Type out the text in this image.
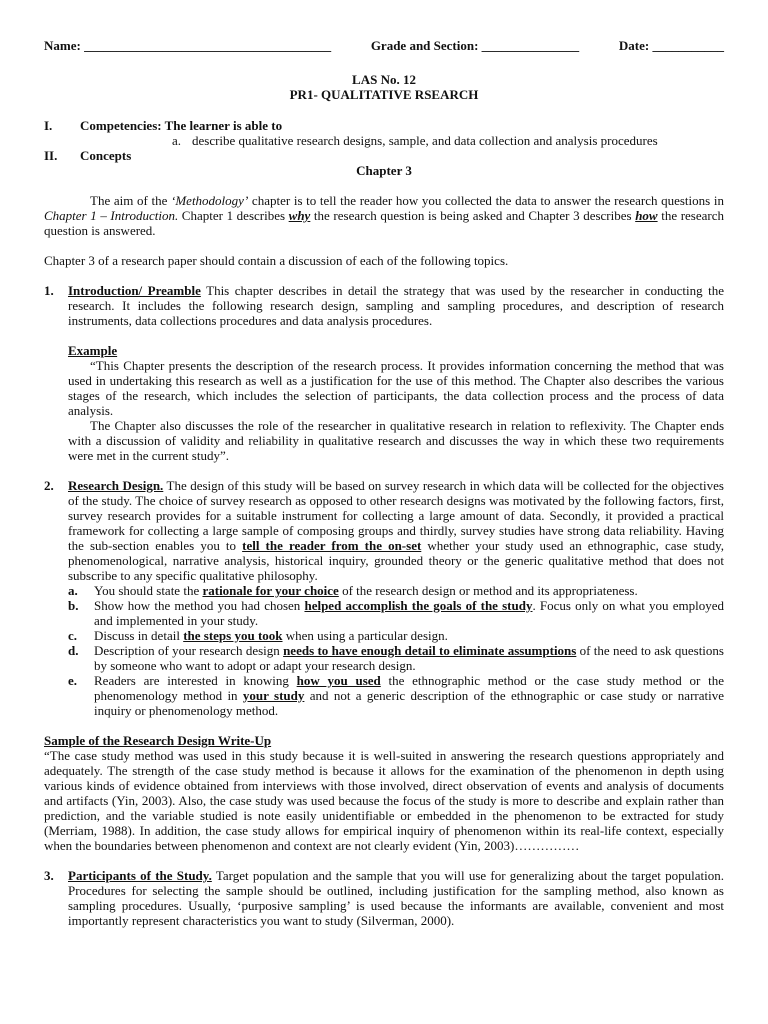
Name: ______________________________________	Grade and Section: _______________	Date: ___________
LAS No. 12
PR1- QUALITATIVE RSEARCH
I.	Competencies: The learner is able to
a. describe qualitative research designs, sample, and data collection and analysis procedures
II.	Concepts
Chapter 3

The aim of the ‘Methodology’ chapter is to tell the reader how you collected the data to answer the research questions in Chapter 1 – Introduction. Chapter 1 describes why the research question is being asked and Chapter 3 describes how the research question is answered.

Chapter 3 of a research paper should contain a discussion of each of the following topics.

1.	Introduction/ Preamble This chapter describes in detail the strategy that was used by the researcher in conducting the research. It includes the following research design, sampling and sampling procedures, and description of research instruments, data collections procedures and data analysis procedures.

Example

“This Chapter presents the description of the research process. It provides information concerning the method that was used in undertaking this research as well as a justification for the use of this method. The Chapter also describes the various stages of the research, which includes the selection of participants, the data collection process and the process of data analysis.

The Chapter also discusses the role of the researcher in qualitative research in relation to reflexivity. The Chapter ends with a discussion of validity and reliability in qualitative research and discusses the way in which these two requirements were met in the current study”.

2.	Research Design. The design of this study will be based on survey research in which data will be collected for the objectives of the study. The choice of survey research as opposed to other research designs was motivated by the following factors, first, survey research provides for a suitable instrument for collecting a large amount of data. Secondly, it provided a practical framework for collecting a large sample of composing groups and thirdly, survey studies have strong data reliability. Having the sub-section enables you to tell the reader from the on-set whether your study used an ethnographic, case study, phenomenological, narrative analysis, historical inquiry, grounded theory or the generic qualitative method that does not subscribe to any specific qualitative philosophy.

a.	You should state the rationale for your choice of the research design or method and its appropriateness.
b.	Show how the method you had chosen helped accomplish the goals of the study. Focus only on what you employed and implemented in your study.
c.	Discuss in detail the steps you took when using a particular design.
d.	Description of your research design needs to have enough detail to eliminate assumptions of the need to ask questions by someone who want to adopt or adapt your research design.
e.	Readers are interested in knowing how you used the ethnographic method or the case study method or the phenomenology method in your study and not a generic description of the ethnographic or case study or narrative inquiry or phenomenology method.

Sample of the Research Design Write-Up

“The case study method was used in this study because it is well-suited in answering the research questions appropriately and adequately. The strength of the case study method is because it allows for the examination of the phenomenon in depth using various kinds of evidence obtained from interviews with those involved, direct observation of events and analysis of documents and artifacts (Yin, 2003). Also, the case study was used because the focus of the study is more to describe and explain rather than prediction, and the variable studied is note easily unidentifiable or embedded in the phenomenon to be extracted for study (Merriam, 1988). In addition, the case study allows for empirical inquiry of phenomenon within its real-life context, especially when the boundaries between phenomenon and context are not clearly evident (Yin, 2003)……………

3.	Participants of the Study. Target population and the sample that you will use for generalizing about the target population. Procedures for selecting the sample should be outlined, including justification for the sampling method, also known as sampling procedures. Usually, ‘purposive sampling’ is used because the informants are available, convenient and most importantly represent characteristics you want to study (Silverman, 2000).
